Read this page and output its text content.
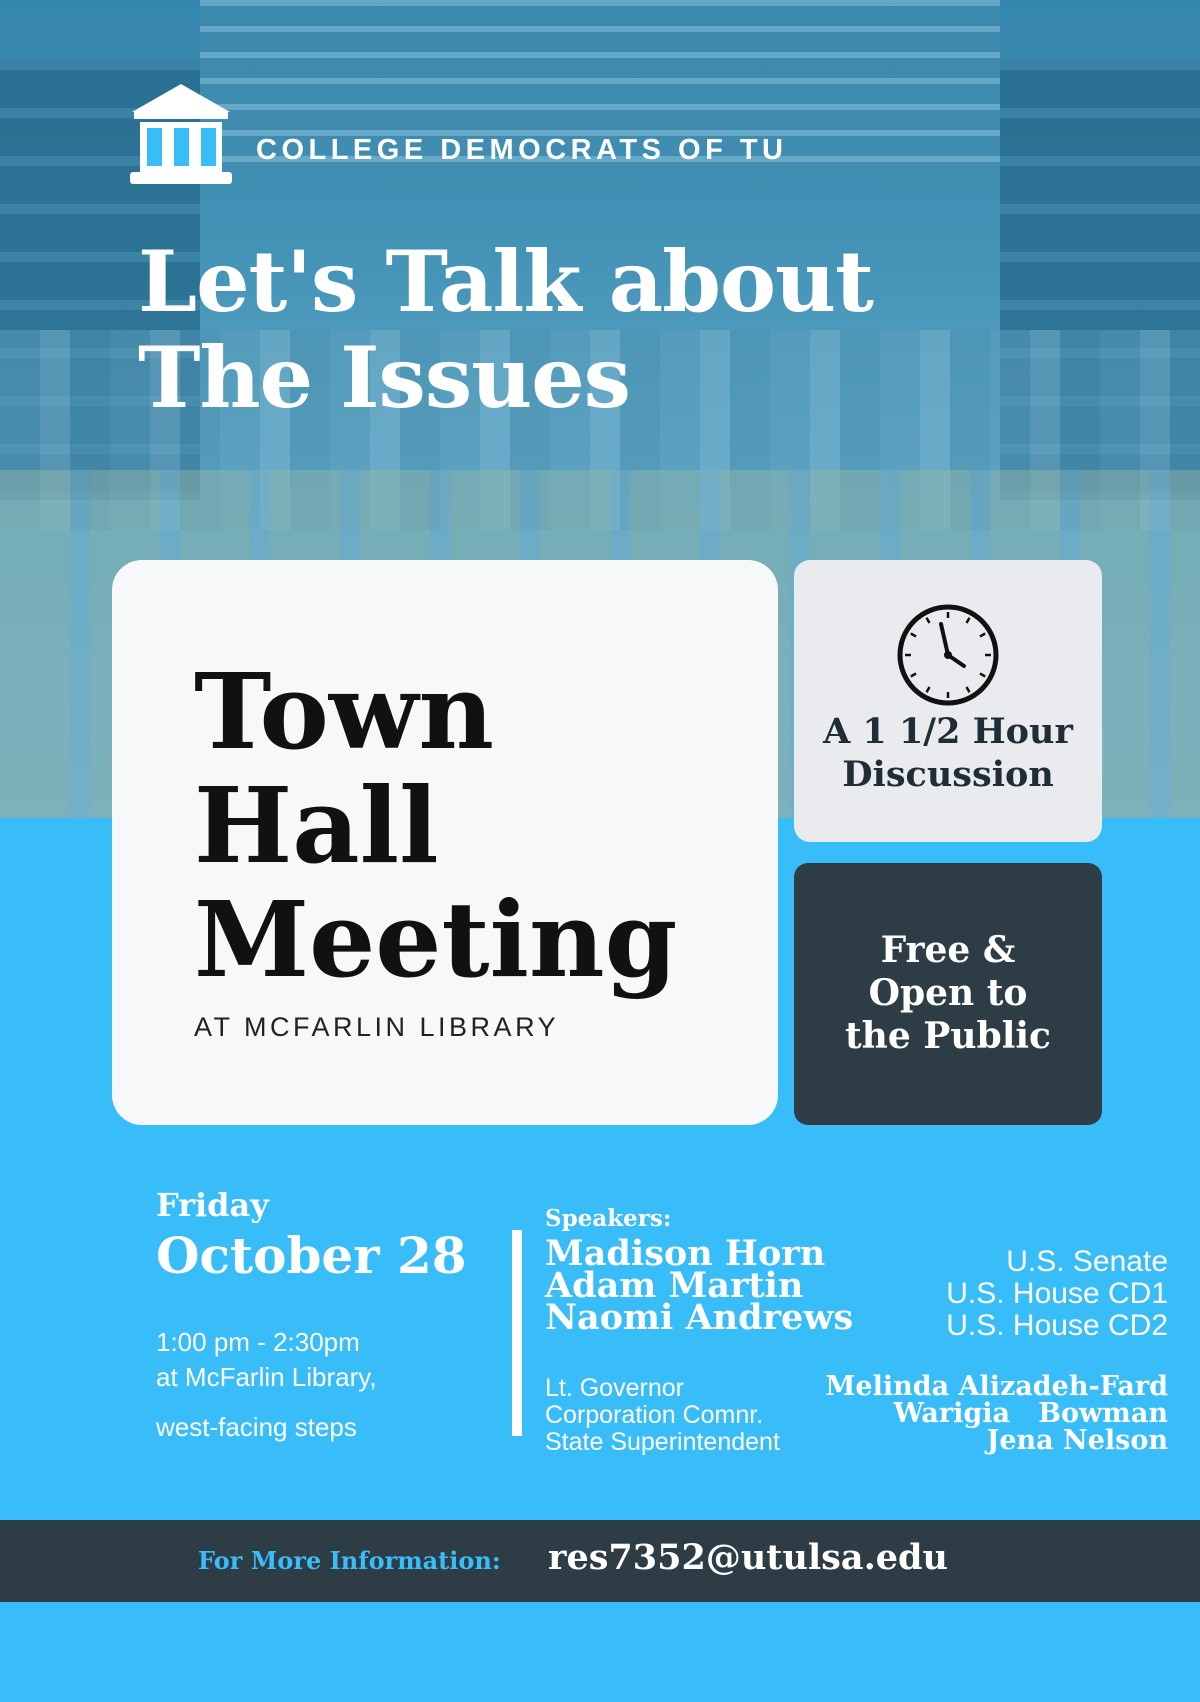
COLLEGE DEMOCRATS OF TU
Let's Talk about
The Issues
Town
Hall
Meeting
AT MCFARLIN LIBRARY
A 1 1/2 Hour
Discussion
Free &
Open to
the Public
Friday
October 28
1:00 pm - 2:30pm
at McFarlin Library,
west-facing steps
Speakers:
Madison Horn
Adam Martin
Naomi Andrews
U.S. Senate
U.S. House CD1
U.S. House CD2
Lt. Governor
Corporation Comnr.
State Superintendent
Melinda Alizadeh-Fard
Warigia   Bowman
Jena Nelson
For More Information: res7352@utulsa.edu
